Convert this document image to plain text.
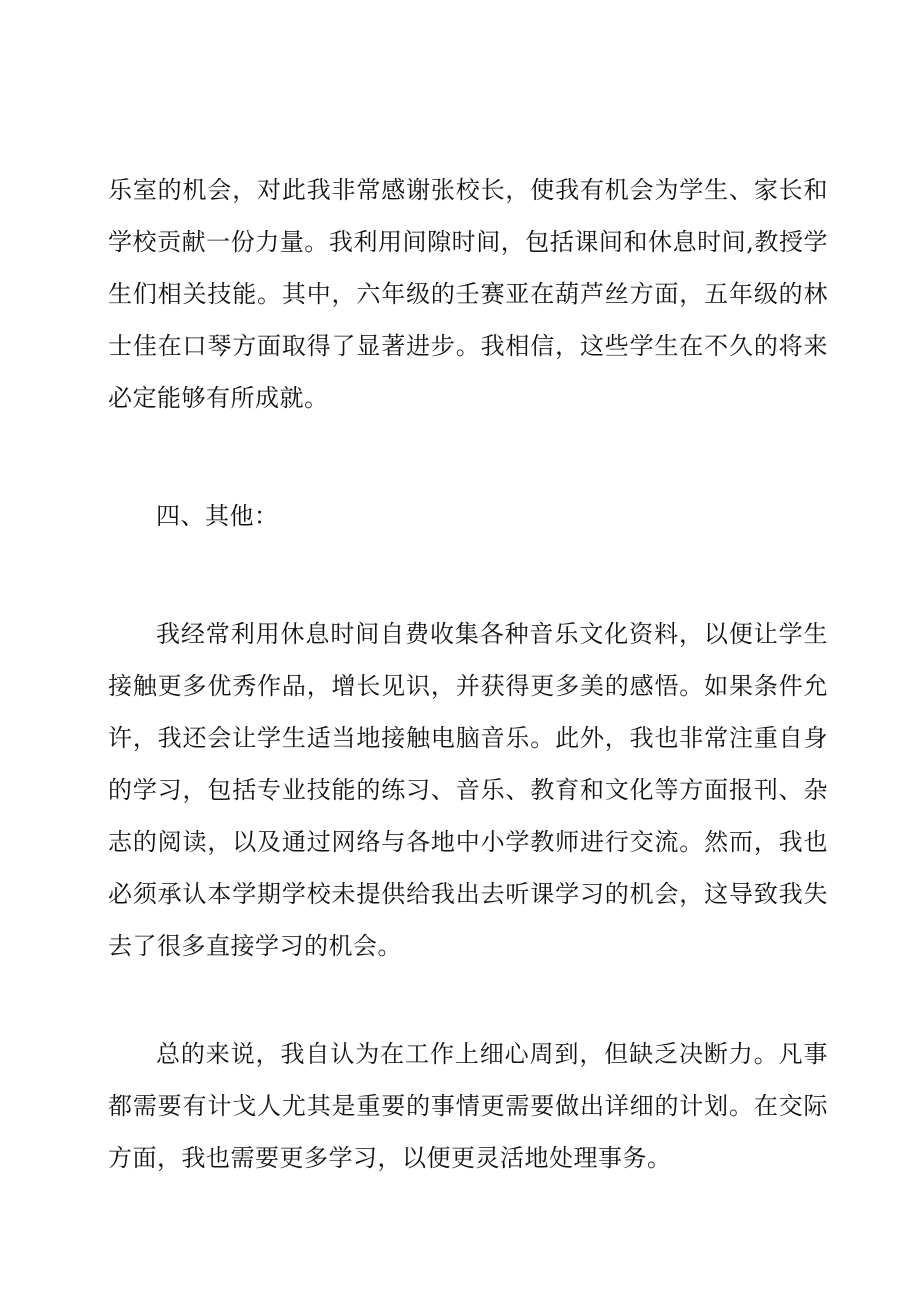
乐室的机会，对此我非常感谢张校长，使我有机会为学生、家长和学校贡献一份力量。我利用间隙时间，包括课间和休息时间,教授学生们相关技能。其中，六年级的壬赛亚在葫芦丝方面，五年级的林士佳在口琴方面取得了显著进步。我相信，这些学生在不久的将来必定能够有所成就。

四、其他：

我经常利用休息时间自费收集各种音乐文化资料，以便让学生接触更多优秀作品，增长见识，并获得更多美的感悟。如果条件允许，我还会让学生适当地接触电脑音乐。此外，我也非常注重自身的学习，包括专业技能的练习、音乐、教育和文化等方面报刊、杂志的阅读，以及通过网络与各地中小学教师进行交流。然而，我也必须承认本学期学校未提供给我出去听课学习的机会，这导致我失去了很多直接学习的机会。

总的来说，我自认为在工作上细心周到，但缺乏决断力。凡事都需要有计戈人尤其是重要的事情更需要做出详细的计划。在交际方面，我也需要更多学习，以便更灵活地处理事务。
